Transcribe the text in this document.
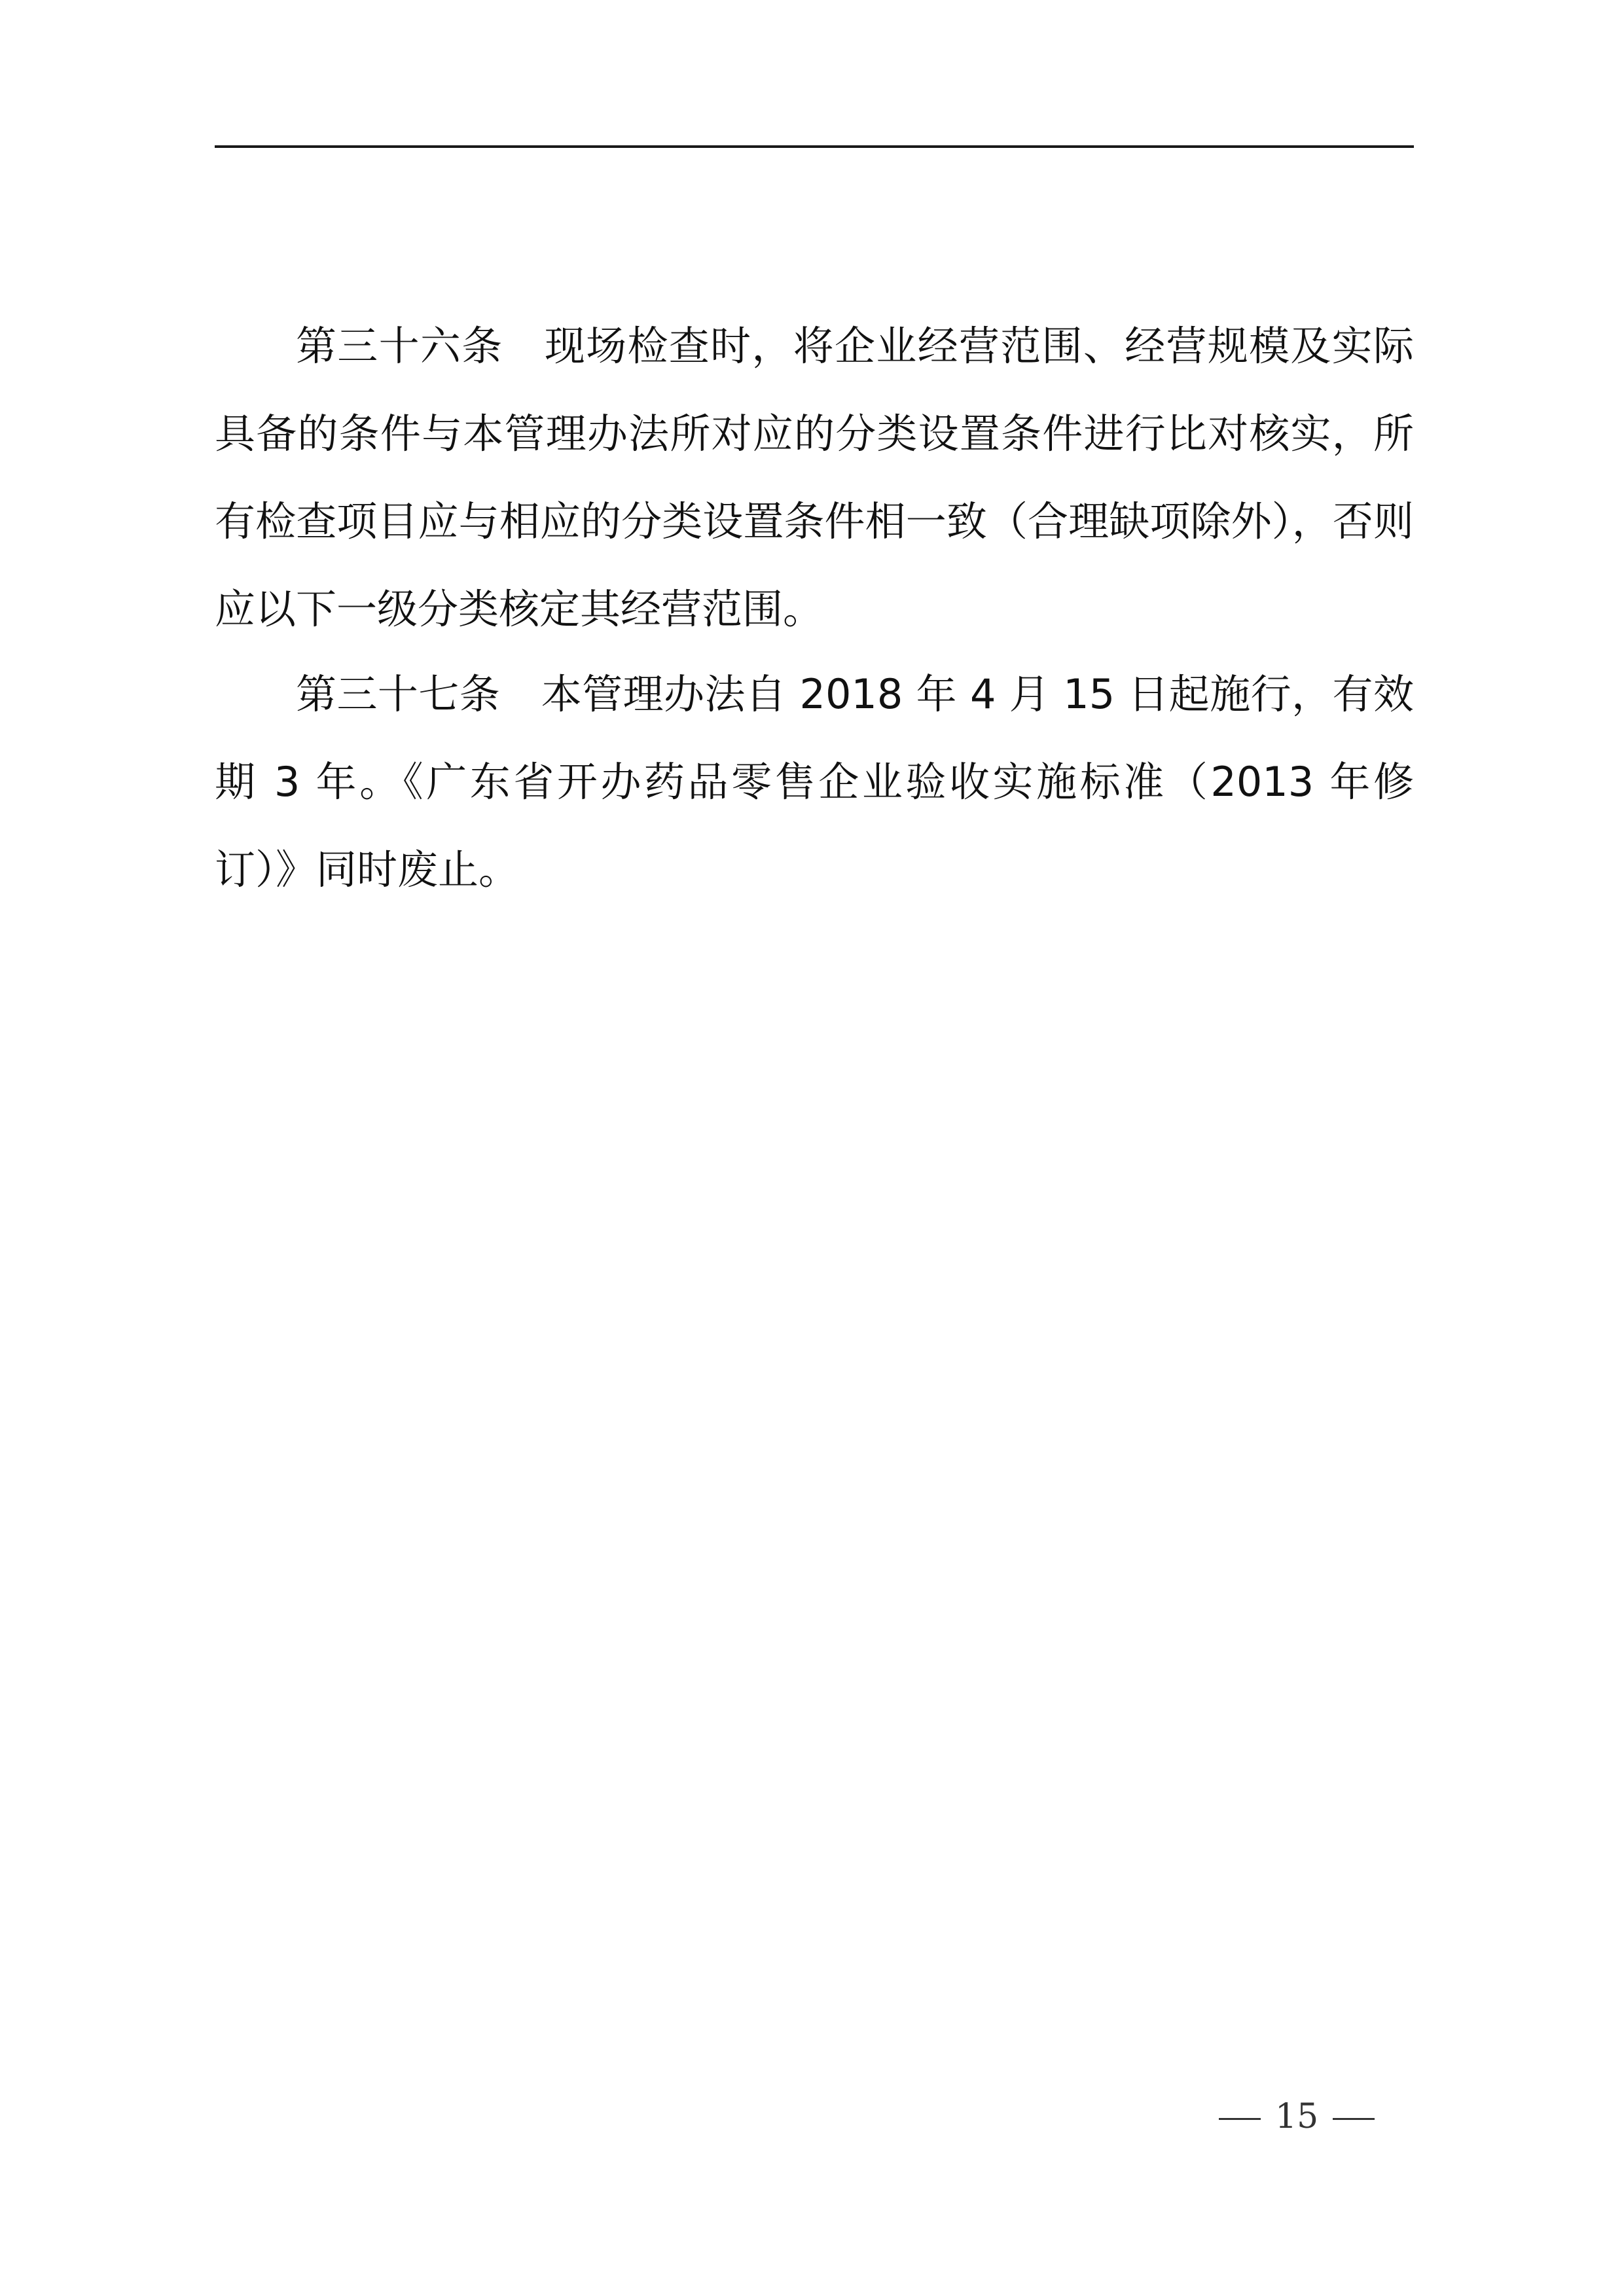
第三十六条　 现场检查时，将企业经营范围、经营规模及实际具备的条件与本管理办法所对应的分类设置条件进行比对核实，所有检查项目应与相应的分类设置条件相一致（合理缺项除外），否则应以下一级分类核定其经营范围。

第三十七条　 本管理办法自 2018 年 4 月 15 日起施行，有效期 3 年。《广东省开办药品零售企业验收实施标准（2013 年修订）》同时废止。

15
